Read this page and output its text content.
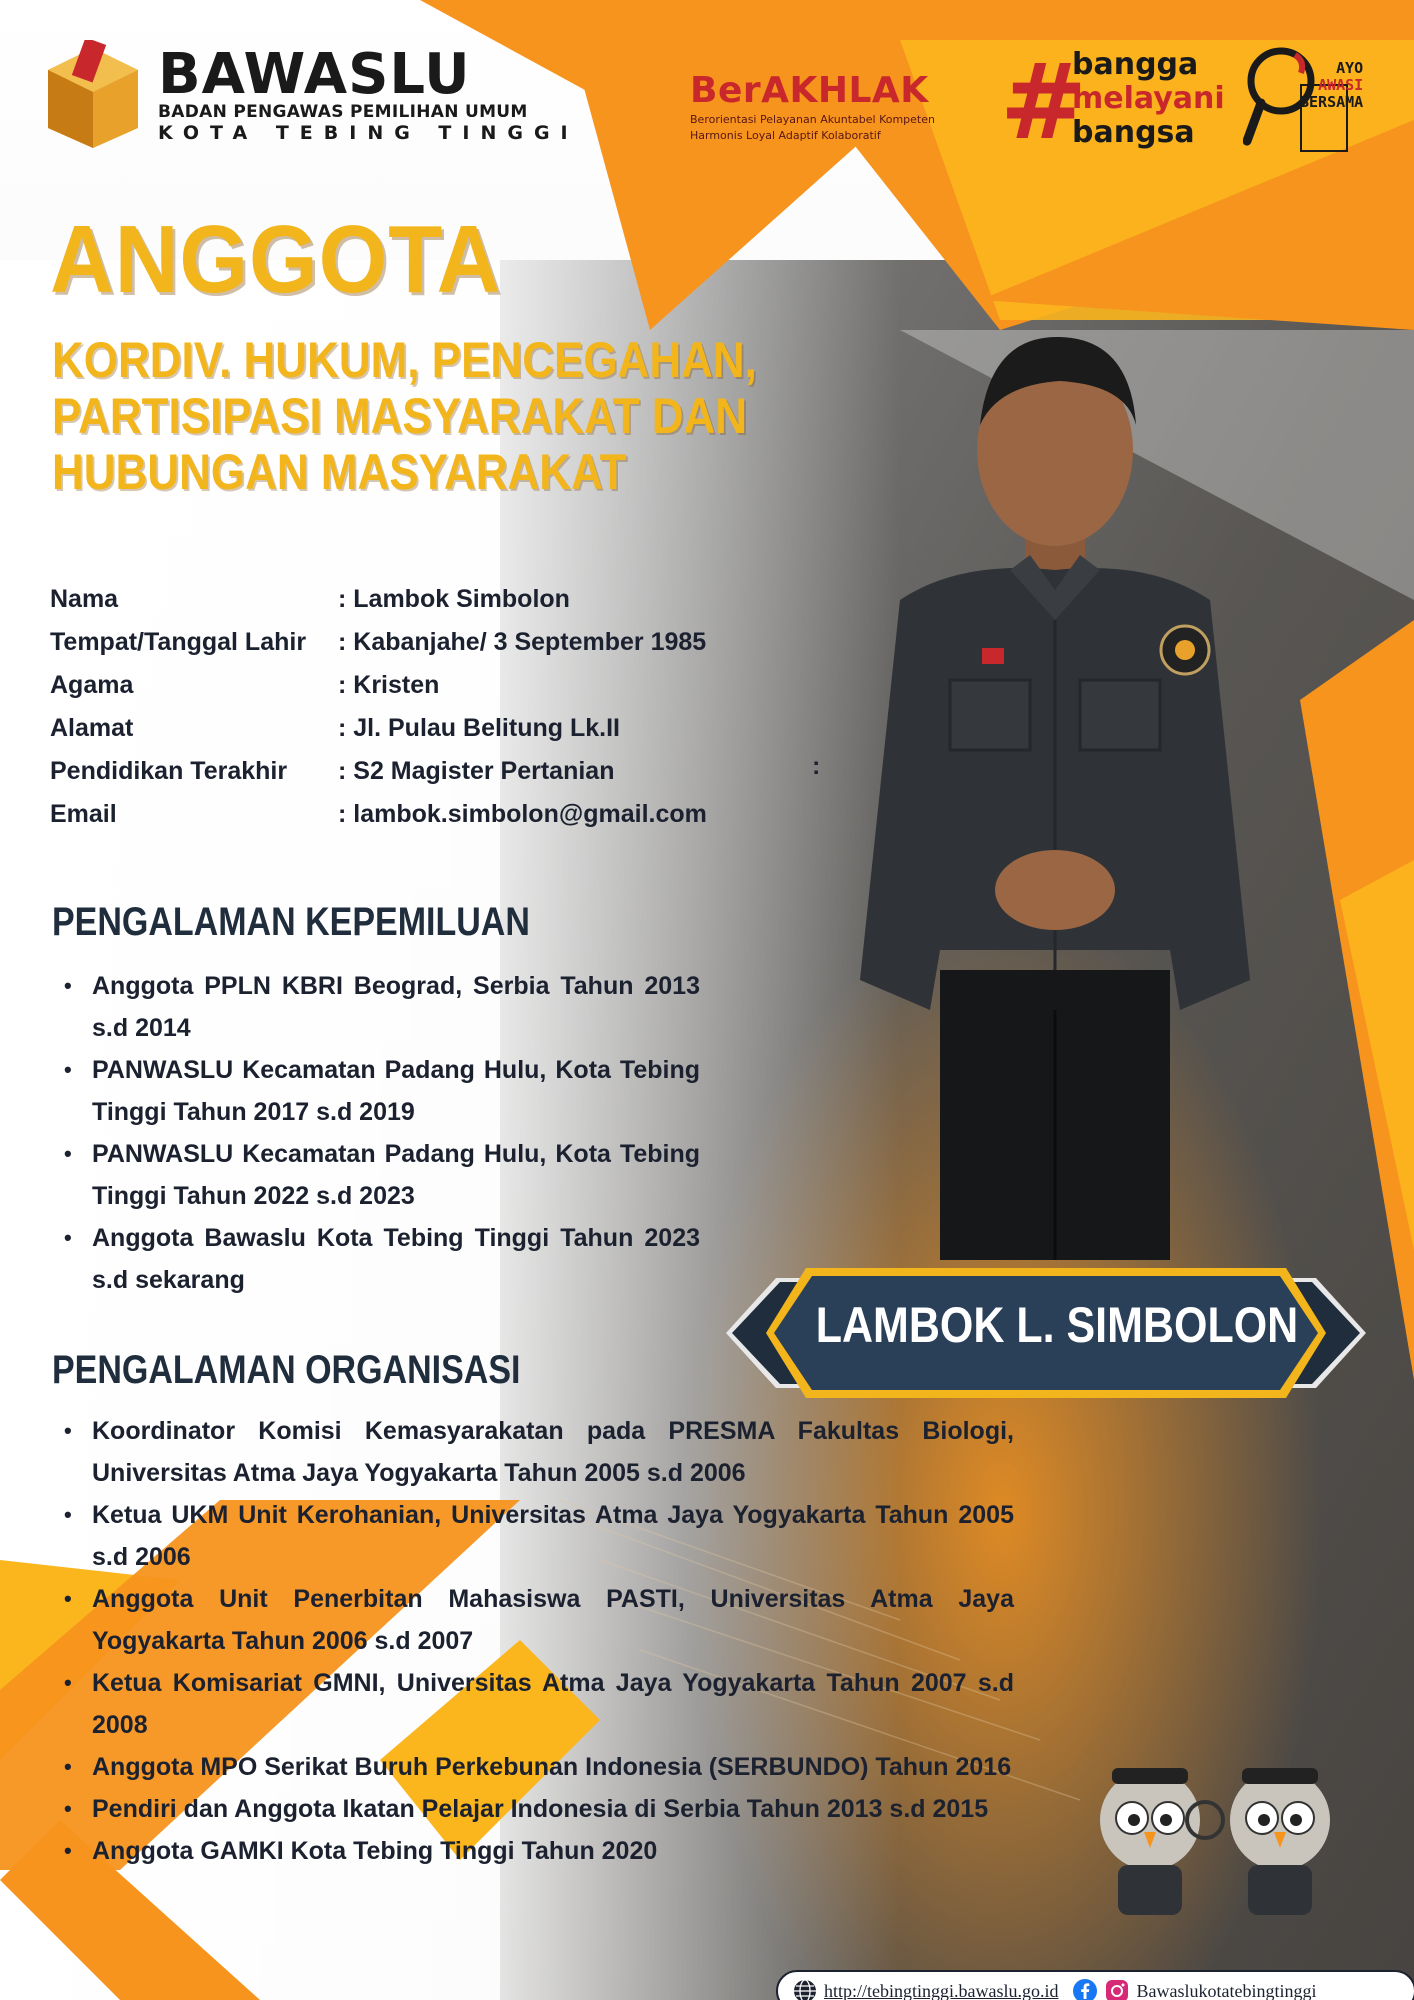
BAWASLU
BADAN PENGAWAS PEMILIHAN UMUM
KOTA TEBING TINGGI
BerAKHLAK
Berorientasi Pelayanan Akuntabel Kompeten
Harmonis Loyal Adaptif Kolaboratif	#
bangga
melayani
bangsa
AYO
AWASI
BERSAMA
ANGGOTA
KORDIV. HUKUM, PENCEGAHAN,
PARTISIPASI MASYARAKAT DAN
HUBUNGAN MASYARAKAT
Nama	: Lambok Simbolon
Tempat/Tanggal Lahir	: Kabanjahe/ 3 September 1985
Agama	: Kristen
Alamat	: Jl. Pulau Belitung Lk.II
Pendidikan Terakhir	: S2 Magister Pertanian
Email	: lambok.simbolon@gmail.com
:
PENGALAMAN KEPEMILUAN
• Anggota PPLN KBRI Beograd, Serbia Tahun 2013 s.d 2014
• PANWASLU Kecamatan Padang Hulu, Kota Tebing Tinggi Tahun 2017 s.d 2019
• PANWASLU Kecamatan Padang Hulu, Kota Tebing Tinggi Tahun 2022 s.d 2023
• Anggota Bawaslu Kota Tebing Tinggi Tahun 2023 s.d sekarang
PENGALAMAN ORGANISASI
• Koordinator Komisi Kemasyarakatan pada PRESMA Fakultas Biologi, Universitas Atma Jaya Yogyakarta Tahun 2005 s.d 2006
• Ketua UKM Unit Kerohanian, Universitas Atma Jaya Yogyakarta Tahun 2005 s.d 2006
• Anggota Unit Penerbitan Mahasiswa PASTI, Universitas Atma Jaya Yogyakarta Tahun 2006 s.d 2007
• Ketua Komisariat GMNI, Universitas Atma Jaya Yogyakarta Tahun 2007 s.d 2008
• Anggota MPO Serikat Buruh Perkebunan Indonesia (SERBUNDO) Tahun 2016
• Pendiri dan Anggota Ikatan Pelajar Indonesia di Serbia Tahun 2013 s.d 2015
• Anggota GAMKI Kota Tebing Tinggi Tahun 2020
LAMBOK L. SIMBOLON
http://tebingtinggi.bawaslu.go.id	Bawaslukotatebingtinggi
